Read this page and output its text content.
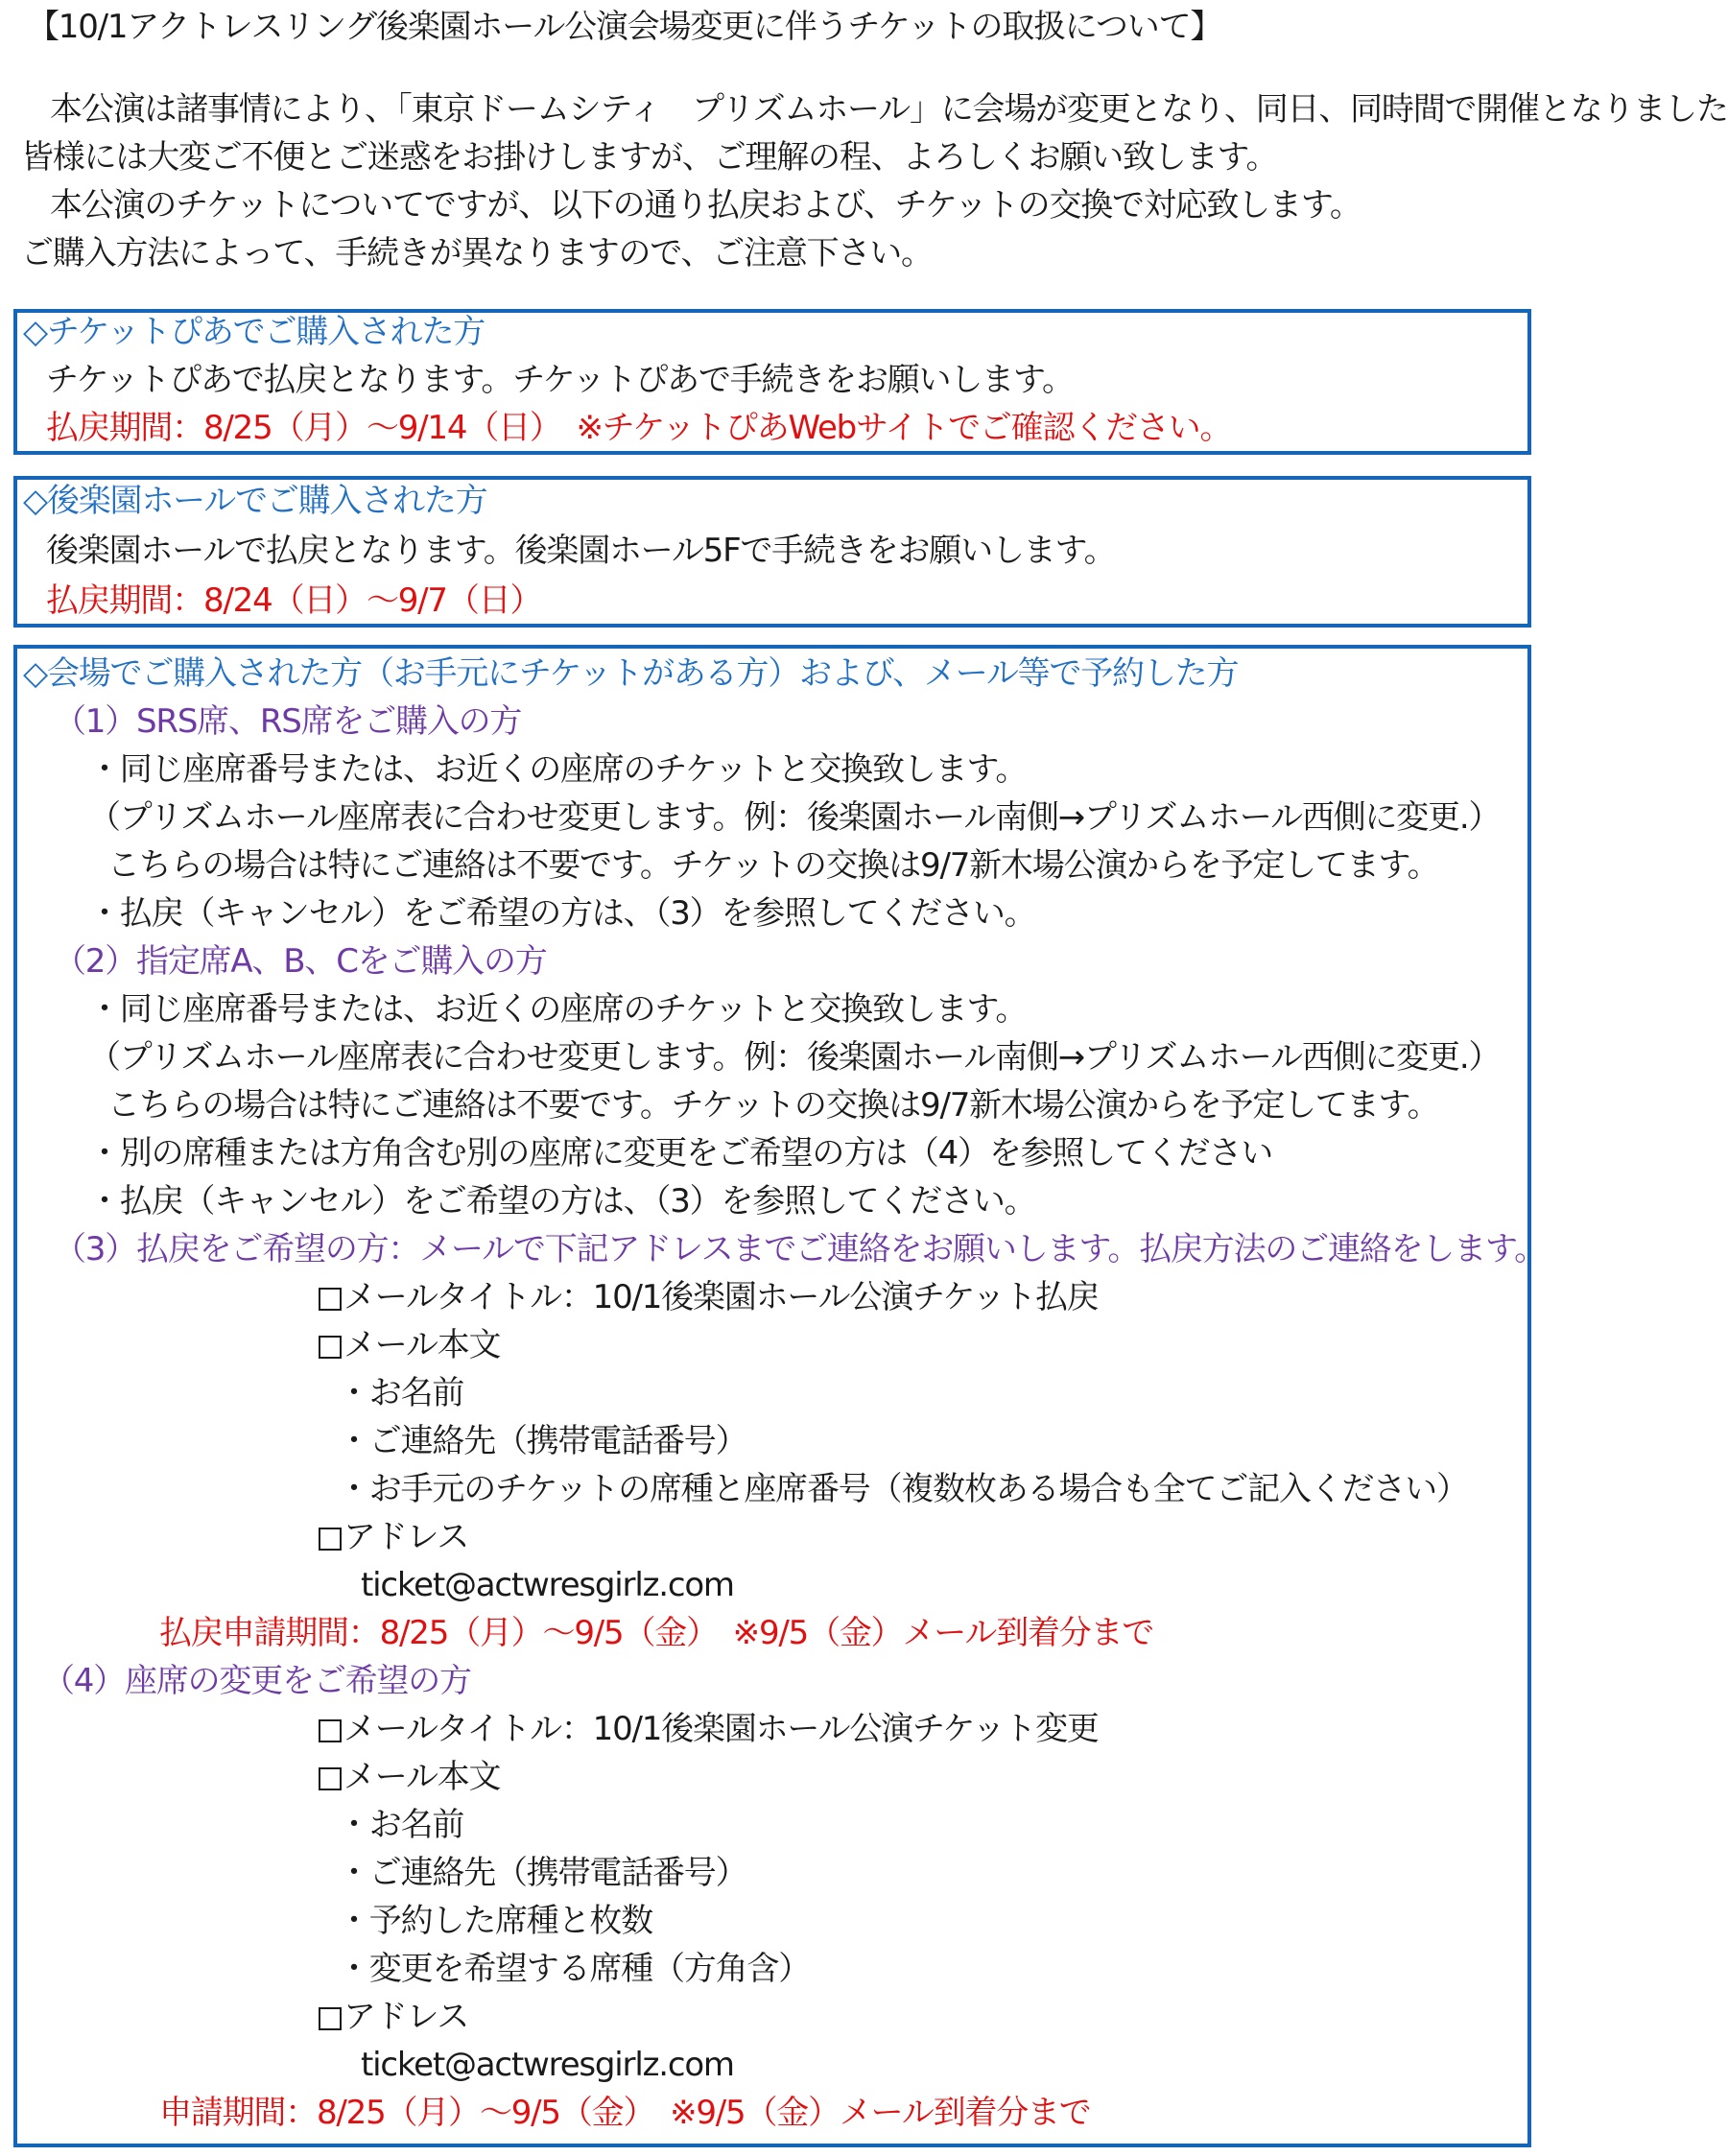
【10/1アクトレスリング後楽園ホール公演会場変更に伴うチケットの取扱について】
本公演は諸事情により、「東京ドームシティ　プリズムホール」に会場が変更となり、同日、同時間で開催となりました
皆様には大変ご不便とご迷惑をお掛けしますが、ご理解の程、よろしくお願い致します。
本公演のチケットについてですが、以下の通り払戻および、チケットの交換で対応致します。
ご購入方法によって、手続きが異なりますので、ご注意下さい。
◇チケットぴあでご購入された方
チケットぴあで払戻となります。チケットぴあで手続きをお願いします。
払戻期間：8/25（月）～9/14（日）　※チケットぴあWebサイトでご確認ください。
◇後楽園ホールでご購入された方
後楽園ホールで払戻となります。後楽園ホール5Fで手続きをお願いします。
払戻期間：8/24（日）～9/7（日）
◇会場でご購入された方（お手元にチケットがある方）および、メール等で予約した方
（1）SRS席、RS席をご購入の方
・同じ座席番号または、お近くの座席のチケットと交換致します。
（プリズムホール座席表に合わせ変更します。例：後楽園ホール南側→プリズムホール西側に変更.）
こちらの場合は特にご連絡は不要です。チケットの交換は9/7新木場公演からを予定してます。
・払戻（キャンセル）をご希望の方は、（3）を参照してください。
（2）指定席A、B、Cをご購入の方
・同じ座席番号または、お近くの座席のチケットと交換致します。
（プリズムホール座席表に合わせ変更します。例：後楽園ホール南側→プリズムホール西側に変更.）
こちらの場合は特にご連絡は不要です。チケットの交換は9/7新木場公演からを予定してます。
・別の席種または方角含む別の座席に変更をご希望の方は（4）を参照してください
・払戻（キャンセル）をご希望の方は、（3）を参照してください。
（3）払戻をご希望の方：メールで下記アドレスまでご連絡をお願いします。払戻方法のご連絡をします。
メールタイトル：10/1後楽園ホール公演チケット払戻
メール本文
・お名前
・ご連絡先（携帯電話番号）
・お手元のチケットの席種と座席番号（複数枚ある場合も全てご記入ください）
アドレス
ticket@actwresgirlz.com
払戻申請期間：8/25（月）～9/5（金）　※9/5（金）メール到着分まで
（4）座席の変更をご希望の方
メールタイトル：10/1後楽園ホール公演チケット変更
メール本文
・お名前
・ご連絡先（携帯電話番号）
・予約した席種と枚数
・変更を希望する席種（方角含）
アドレス
ticket@actwresgirlz.com
申請期間：8/25（月）～9/5（金）　※9/5（金）メール到着分まで
